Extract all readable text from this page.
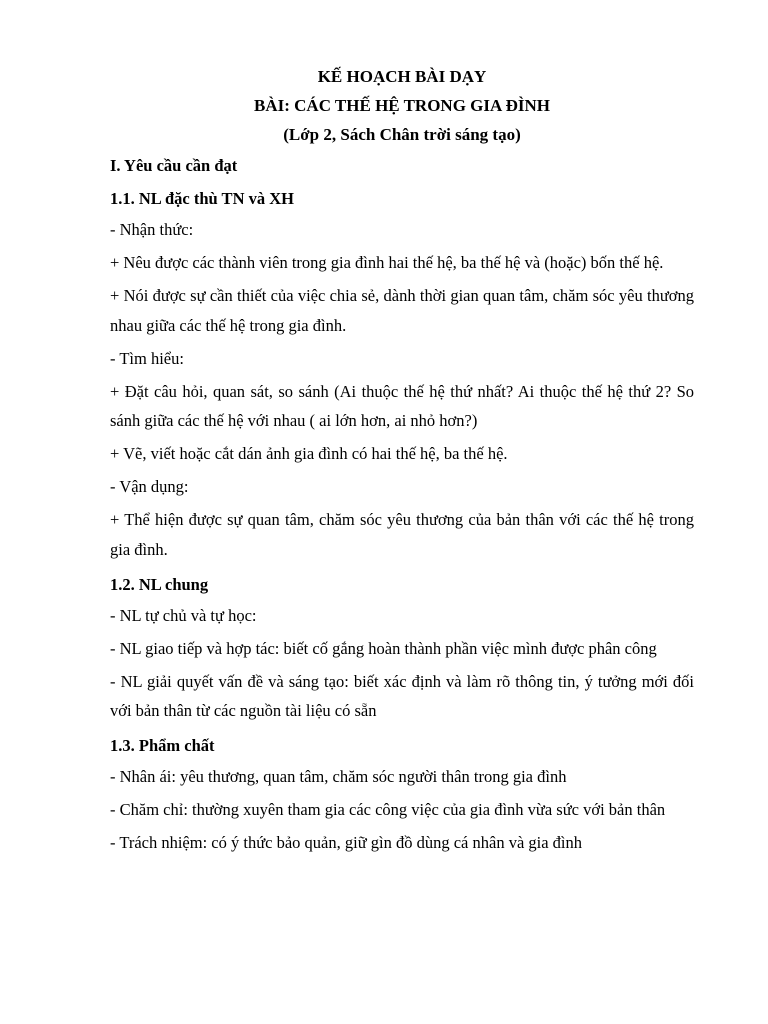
KẾ HOẠCH BÀI DẠY
BÀI: CÁC THẾ HỆ TRONG GIA ĐÌNH
(Lớp 2, Sách Chân trời sáng tạo)
I. Yêu cầu cần đạt
1.1. NL đặc thù TN và XH
- Nhận thức:
+ Nêu được các thành viên trong gia đình hai thế hệ, ba thế hệ và (hoặc) bốn thế hệ.
+ Nói được sự cần thiết của việc chia sẻ, dành thời gian quan tâm, chăm sóc yêu thương nhau giữa các thế hệ trong gia đình.
- Tìm hiểu:
+ Đặt câu hỏi, quan sát, so sánh (Ai thuộc thế hệ thứ nhất? Ai thuộc thế hệ thứ 2? So sánh giữa các thế hệ với nhau ( ai lớn hơn, ai nhỏ hơn?)
+ Vẽ, viết hoặc cắt dán ảnh gia đình có hai thế hệ, ba thế hệ.
- Vận dụng:
+ Thể hiện được sự quan tâm, chăm sóc yêu thương của bản thân với các thế hệ trong gia đình.
1.2. NL chung
- NL tự chủ và tự học:
- NL giao tiếp và hợp tác: biết cố gắng hoàn thành phần việc mình được phân công
- NL giải quyết vấn đề và sáng tạo: biết xác định và làm rõ thông tin, ý tưởng mới đối với bản thân từ các nguồn tài liệu có sẵn
1.3. Phẩm chất
- Nhân ái: yêu thương, quan tâm, chăm sóc người thân trong gia đình
- Chăm chỉ: thường xuyên tham gia các công việc của gia đình vừa sức với bản thân
- Trách nhiệm: có ý thức bảo quản, giữ gìn đồ dùng cá nhân và gia đình
